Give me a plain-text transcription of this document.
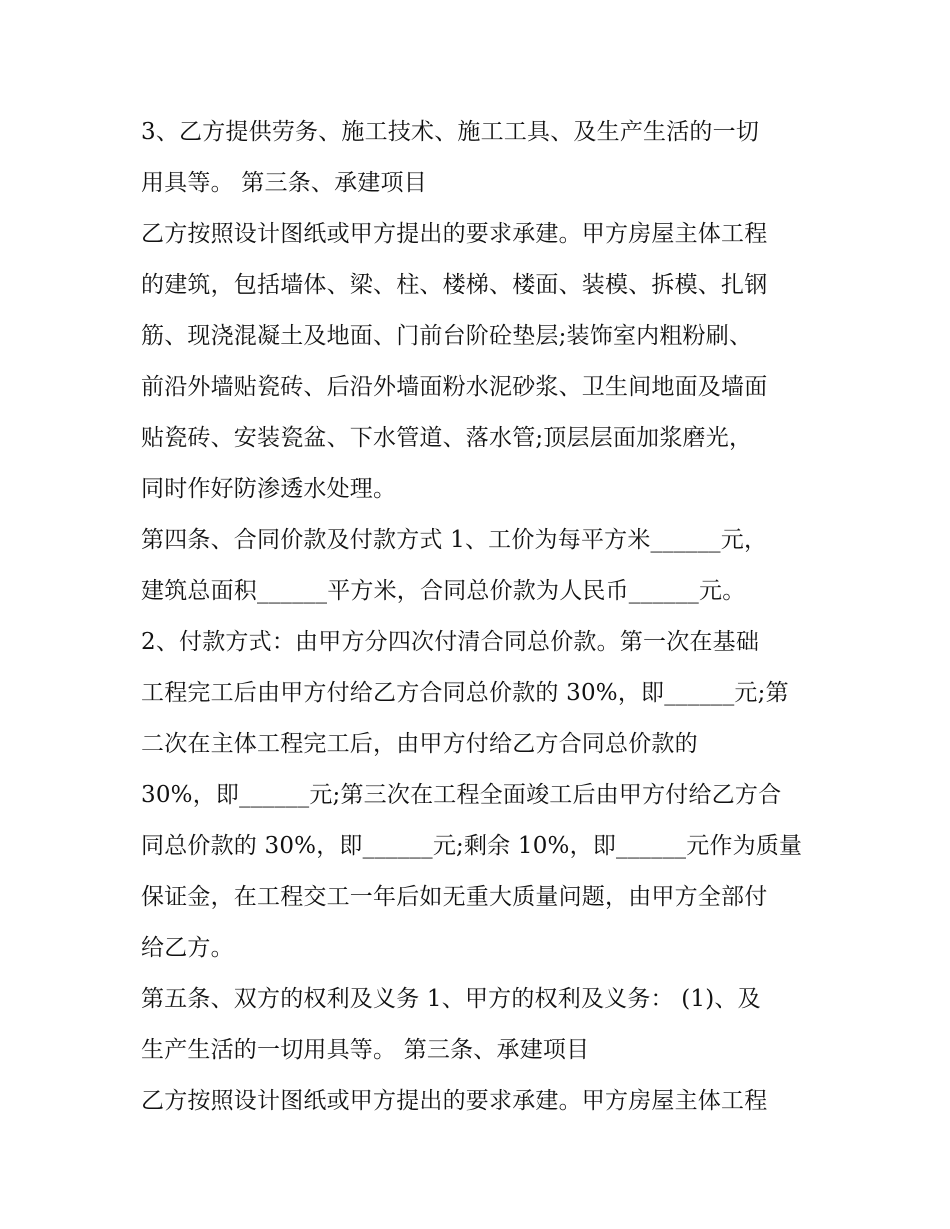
3、乙方提供劳务、施工技术、施工工具、及生产生活的一切
用具等。 第三条、承建项目
乙方按照设计图纸或甲方提出的要求承建。甲方房屋主体工程
的建筑，包括墙体、梁、柱、楼梯、楼面、装模、拆模、扎钢
筋、现浇混凝土及地面、门前台阶砼垫层;装饰室内粗粉刷、
前沿外墙贴瓷砖、后沿外墙面粉水泥砂浆、卫生间地面及墙面
贴瓷砖、安装瓷盆、下水管道、落水管;顶层层面加浆磨光，
同时作好防渗透水处理。
第四条、合同价款及付款方式 1、工价为每平方米______元，
建筑总面积______平方米，合同总价款为人民币______元。
2、付款方式：由甲方分四次付清合同总价款。第一次在基础
工程完工后由甲方付给乙方合同总价款的 30%，即______元;第
二次在主体工程完工后，由甲方付给乙方合同总价款的
30%，即______元;第三次在工程全面竣工后由甲方付给乙方合
同总价款的 30%，即______元;剩余 10%，即______元作为质量
保证金，在工程交工一年后如无重大质量问题，由甲方全部付
给乙方。
第五条、双方的权利及义务 1、甲方的权利及义务： (1)、及
生产生活的一切用具等。 第三条、承建项目
乙方按照设计图纸或甲方提出的要求承建。甲方房屋主体工程
